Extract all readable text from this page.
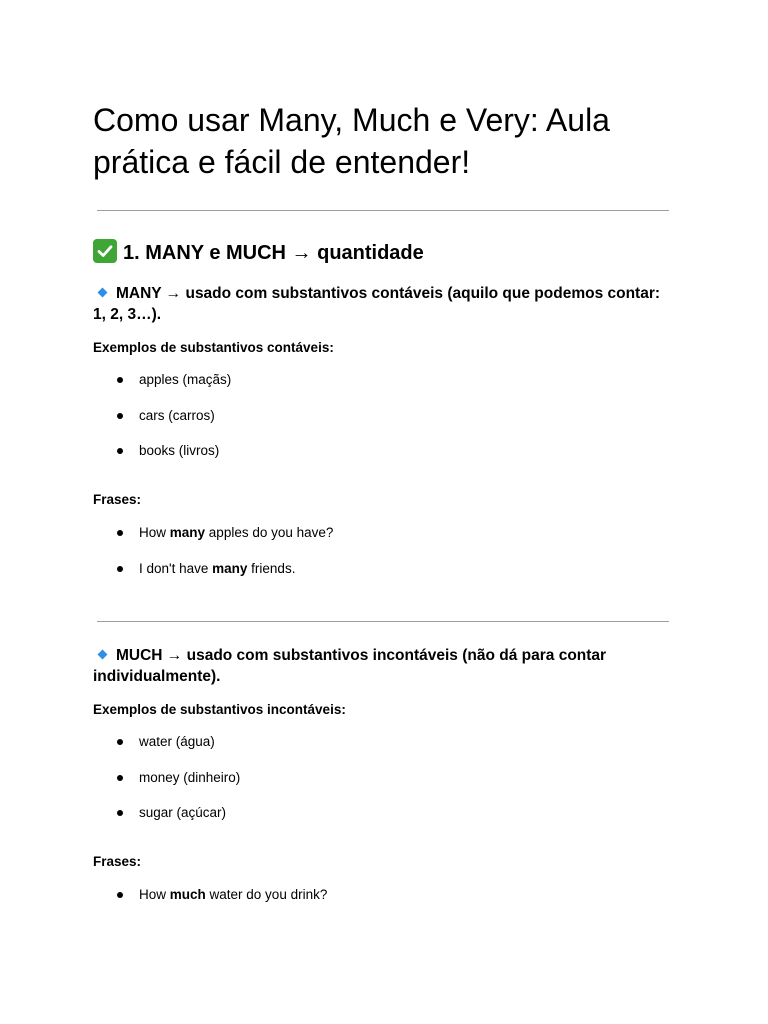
Como usar Many, Much e Very: Aula prática e fácil de entender!
1. MANY e MUCH → quantidade
MANY → usado com substantivos contáveis (aquilo que podemos contar: 1, 2, 3…).

Exemplos de substantivos contáveis:

apples (maçãs)
cars (carros)
books (livros)

Frases:

How many apples do you have?
I don't have many friends.
MUCH → usado com substantivos incontáveis (não dá para contar individualmente).

Exemplos de substantivos incontáveis:

water (água)
money (dinheiro)
sugar (açúcar)

Frases:

How much water do you drink?
